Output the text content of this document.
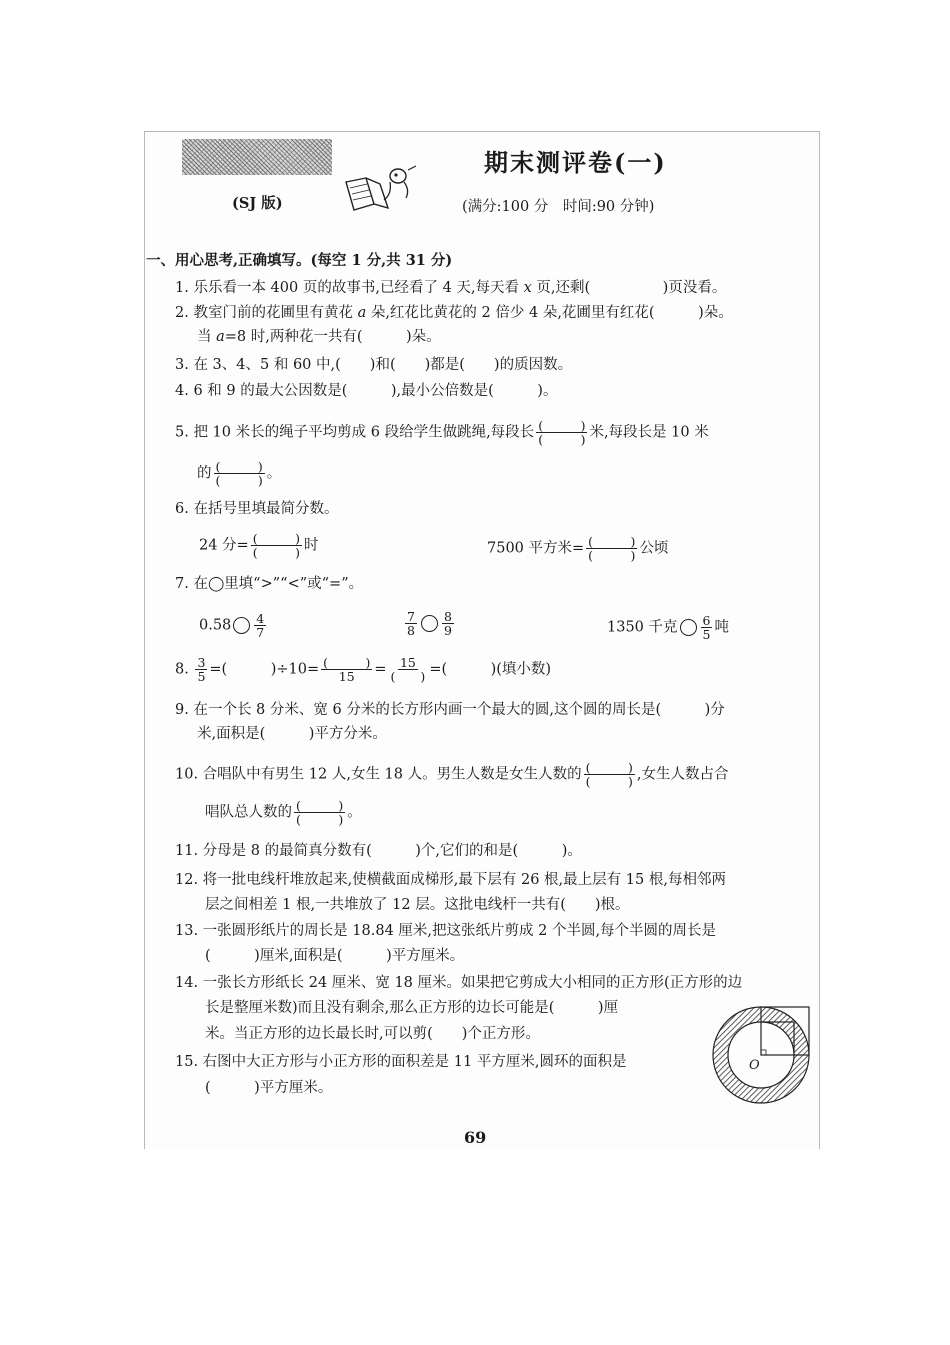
期末测评卷(一)
(SJ 版)	(满分:100 分　时间:90 分钟)
一、用心思考,正确填写。(每空 1 分,共 31 分)
1. 乐乐看一本 400 页的故事书,已经看了 4 天,每天看 x 页,还剩(　　　　　)页没看。
2. 教室门前的花圃里有黄花 a 朵,红花比黄花的 2 倍少 4 朵,花圃里有红花(　　　)朵。
当 a=8 时,两种花一共有(　　　)朵。
3. 在 3、4、5 和 60 中,(　　)和(　　)都是(　　)的质因数。
4. 6 和 9 的最大公因数是(　　　),最小公倍数是(　　　)。
5. 把 10 米长的绳子平均剪成 6 段给学生做跳绳,每段长 $\frac{( )}{( )}$ 米,每段长是 10 米
的 $\frac{( )}{( )}$ 。
6. 在括号里填最简分数。
24 分= $\frac{( )}{( )}$ 时	7500 平方米= $\frac{( )}{( )}$ 公顷
7. 在◯里填“>”“<”或“=”。
$0.58 \frac{4}{7}$	$\frac{7}{8} \frac{8}{9}$	1350 千克 $\frac{6}{5}$ 吨
8. $\frac{3}{5}$ =(　　　)$\div 10= \frac{( )}{15} = \frac{15}{( )}$ =(　　　)(填小数)
9. 在一个长 8 分米、宽 6 分米的长方形内画一个最大的圆,这个圆的周长是(　　　)分
米,面积是(　　　)平方分米。
10. 合唱队中有男生 12 人,女生 18 人。男生人数是女生人数的 $\frac{( )}{( )}$ ,女生人数占合
唱队总人数的 $\frac{( )}{( )}$ 。
11. 分母是 8 的最简真分数有(　　　)个,它们的和是(　　　)。
12. 将一批电线杆堆放起来,使横截面成梯形,最下层有 26 根,最上层有 15 根,每相邻两
层之间相差 1 根,一共堆放了 12 层。这批电线杆一共有(　　)根。
13. 一张圆形纸片的周长是 18.84 厘米,把这张纸片剪成 2 个半圆,每个半圆的周长是
(　　　)厘米,面积是(　　　)平方厘米。
14. 一张长方形纸长 24 厘米、宽 18 厘米。如果把它剪成大小相同的正方形(正方形的边
长是整厘米数)而且没有剩余,那么正方形的边长可能是(　　　)厘
米。当正方形的边长最长时,可以剪(　　)个正方形。
15. 右图中大正方形与小正方形的面积差是 11 平方厘米,圆环的面积是
(　　　)平方厘米。
O
69
